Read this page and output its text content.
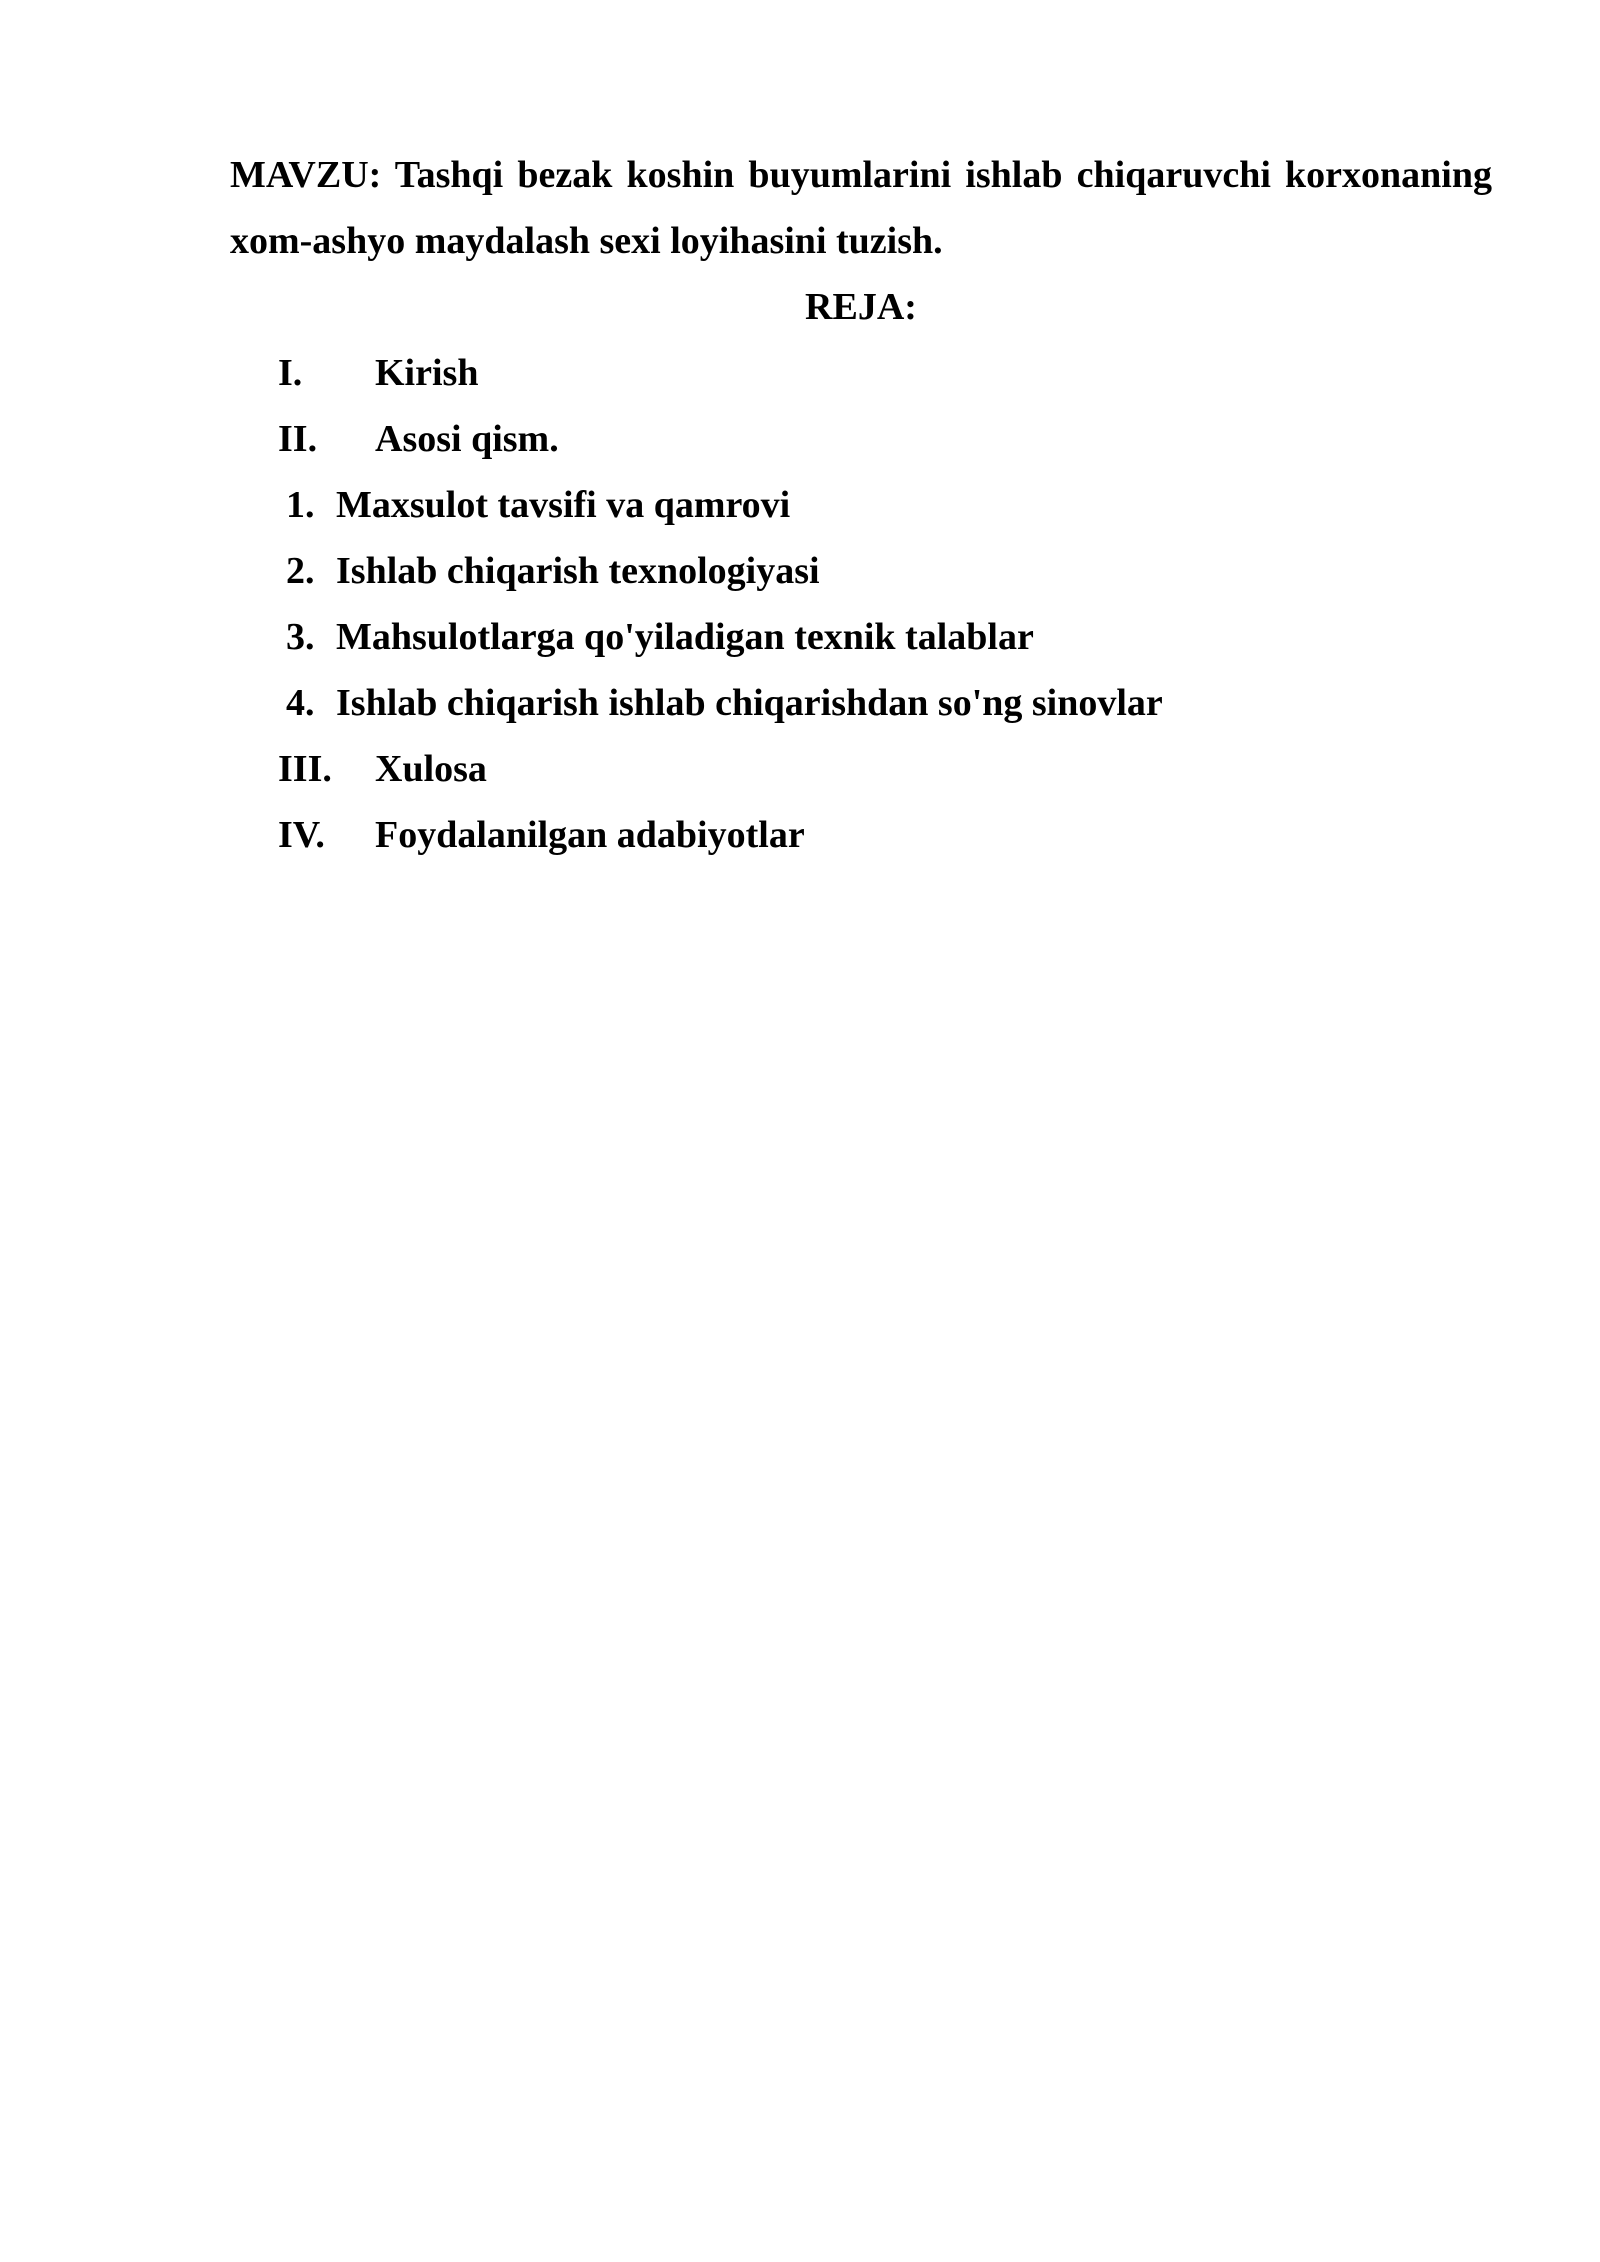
MAVZU: Tashqi bezak koshin buyumlarini ishlab chiqaruvchi korxonaning xom-ashyo maydalash sexi loyihasini tuzish.
REJA:
I. Kirish
II. Asosi qism.
1. Maxsulot tavsifi va qamrovi
2. Ishlab chiqarish texnologiyasi
3. Mahsulotlarga qo'yiladigan texnik talablar
4. Ishlab chiqarish ishlab chiqarishdan so'ng sinovlar
III. Xulosa
IV. Foydalanilgan adabiyotlar
